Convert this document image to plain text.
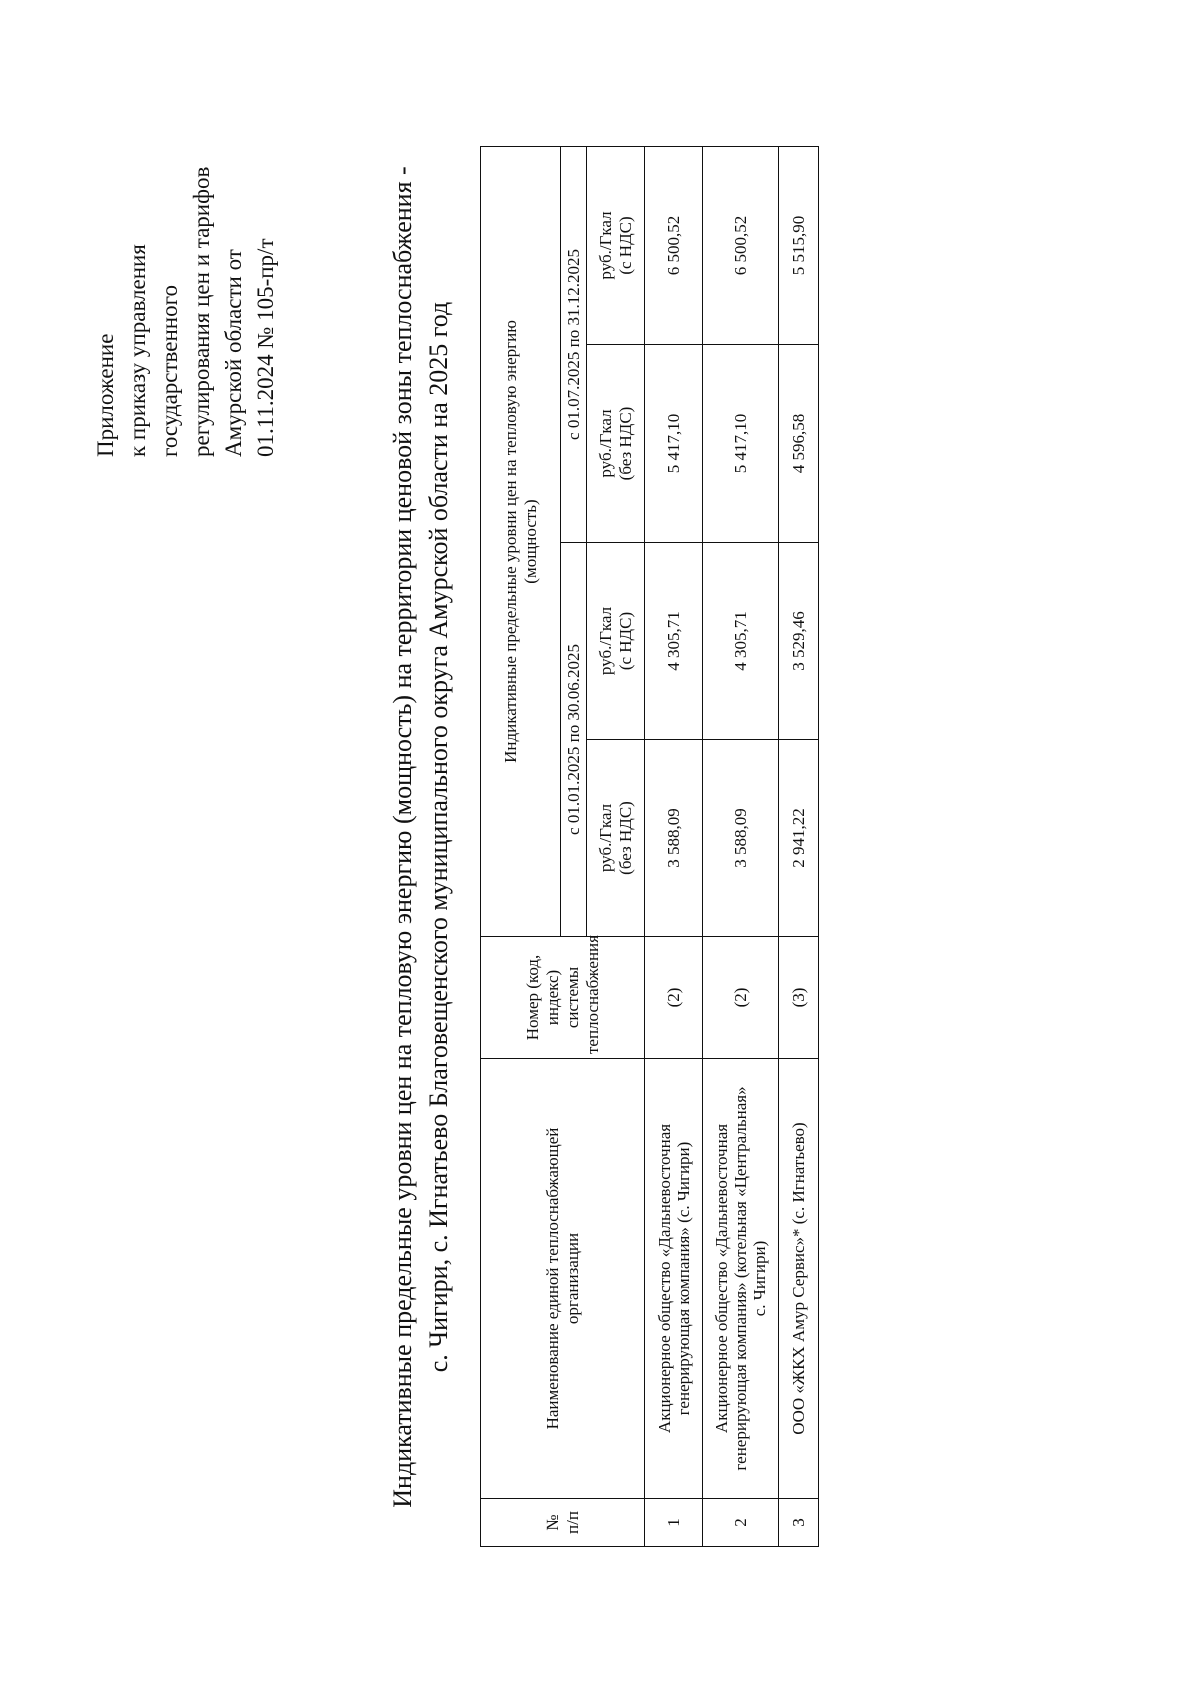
Приложение к приказу управления государственного регулирования цен и тарифов Амурской области от 01.11.2024 № 105-пр/т	Индикативные предельные уровни цен на тепловую энергию (мощность) на территории ценовой зоны теплоснабжения - с. Чигири, с. Игнатьево Благовещенского муниципального округа Амурской области на 2025 год
№ п/п	Наименование единой теплоснабжающей организации	Номер (код, индекс) системы теплоснабжения	Индикативные предельные уровни цен на тепловую энергию (мощность)			

			с 01.01.2025 по 30.06.2025		с 01.07.2025 по 31.12.2025	

			руб./Гкал (без НДС)	руб./Гкал (с НДС)	руб./Гкал (без НДС)	руб./Гкал (с НДС)

1	Акционерное общество «Дальневосточная генерирующая компания» (с. Чигири)	(2)	3 588,09	4 305,71	5 417,10	6 500,52
2	Акционерное общество «Дальневосточная генерирующая компания» (котельная «Центральная» с. Чигири)	(2)	3 588,09	4 305,71	5 417,10	6 500,52
3	ООО «ЖКХ Амур Сервис»* (с. Игнатьево)	(3)	2 941,22	3 529,46	4 596,58	5 515,90
